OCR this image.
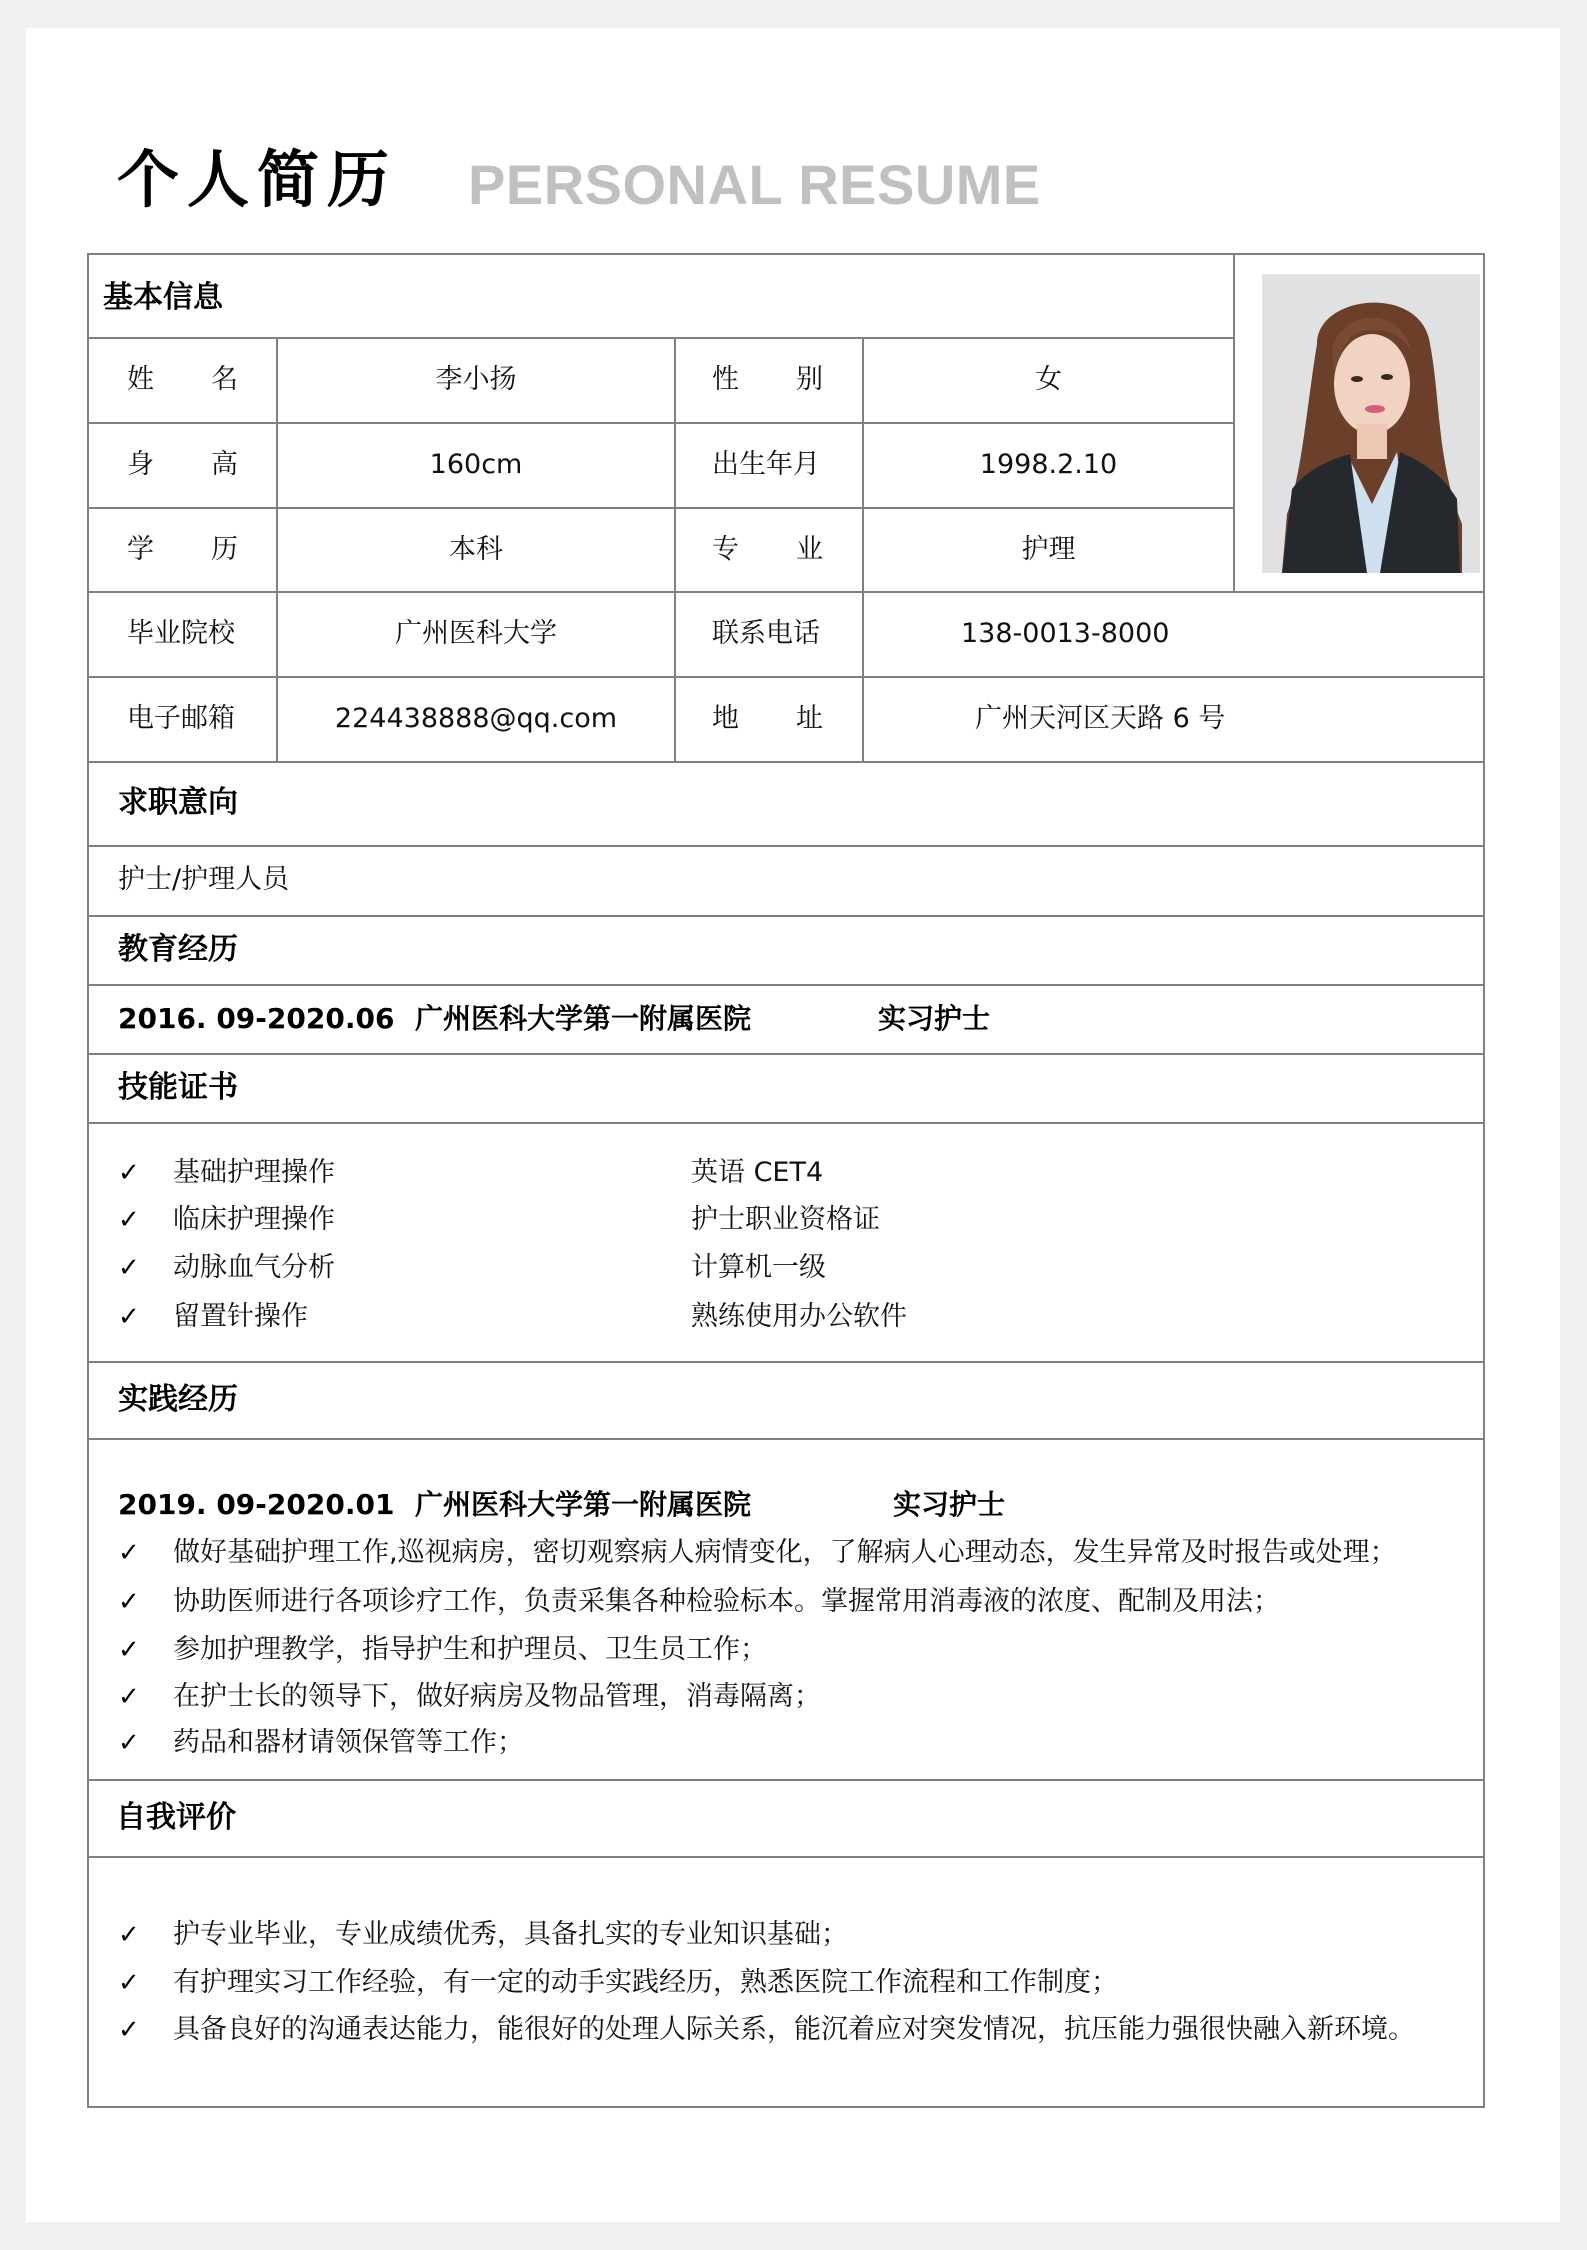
个人简历 PERSONAL RESUME
基本信息
姓 名	李小扬	性 别	女
身 高	160cm	出生年月	1998.2.10
学 历	本科	专 业	护理
毕业院校	广州医科大学	联系电话	138-0013-8000
电子邮箱	224438888@qq.com	地 址	广州天河区天路 6 号
求职意向
护士/护理人员
教育经历
2016. 09-2020.06 广州医科大学第一附属医院	实习护士
技能证书
✓ 基础护理操作	英语 CET4
✓ 临床护理操作	护士职业资格证
✓ 动脉血气分析	计算机一级
✓ 留置针操作	熟练使用办公软件
实践经历
2019. 09-2020.01 广州医科大学第一附属医院	实习护士
✓ 做好基础护理工作,巡视病房，密切观察病人病情变化，了解病人心理动态，发生异常及时报告或处理；
✓ 协助医师进行各项诊疗工作，负责采集各种检验标本。掌握常用消毒液的浓度、配制及用法；
✓ 参加护理教学，指导护生和护理员、卫生员工作；
✓ 在护士长的领导下，做好病房及物品管理，消毒隔离；
✓ 药品和器材请领保管等工作；
自我评价
✓ 护专业毕业，专业成绩优秀，具备扎实的专业知识基础；
✓ 有护理实习工作经验，有一定的动手实践经历，熟悉医院工作流程和工作制度；
✓ 具备良好的沟通表达能力，能很好的处理人际关系，能沉着应对突发情况，抗压能力强很快融入新环境。
